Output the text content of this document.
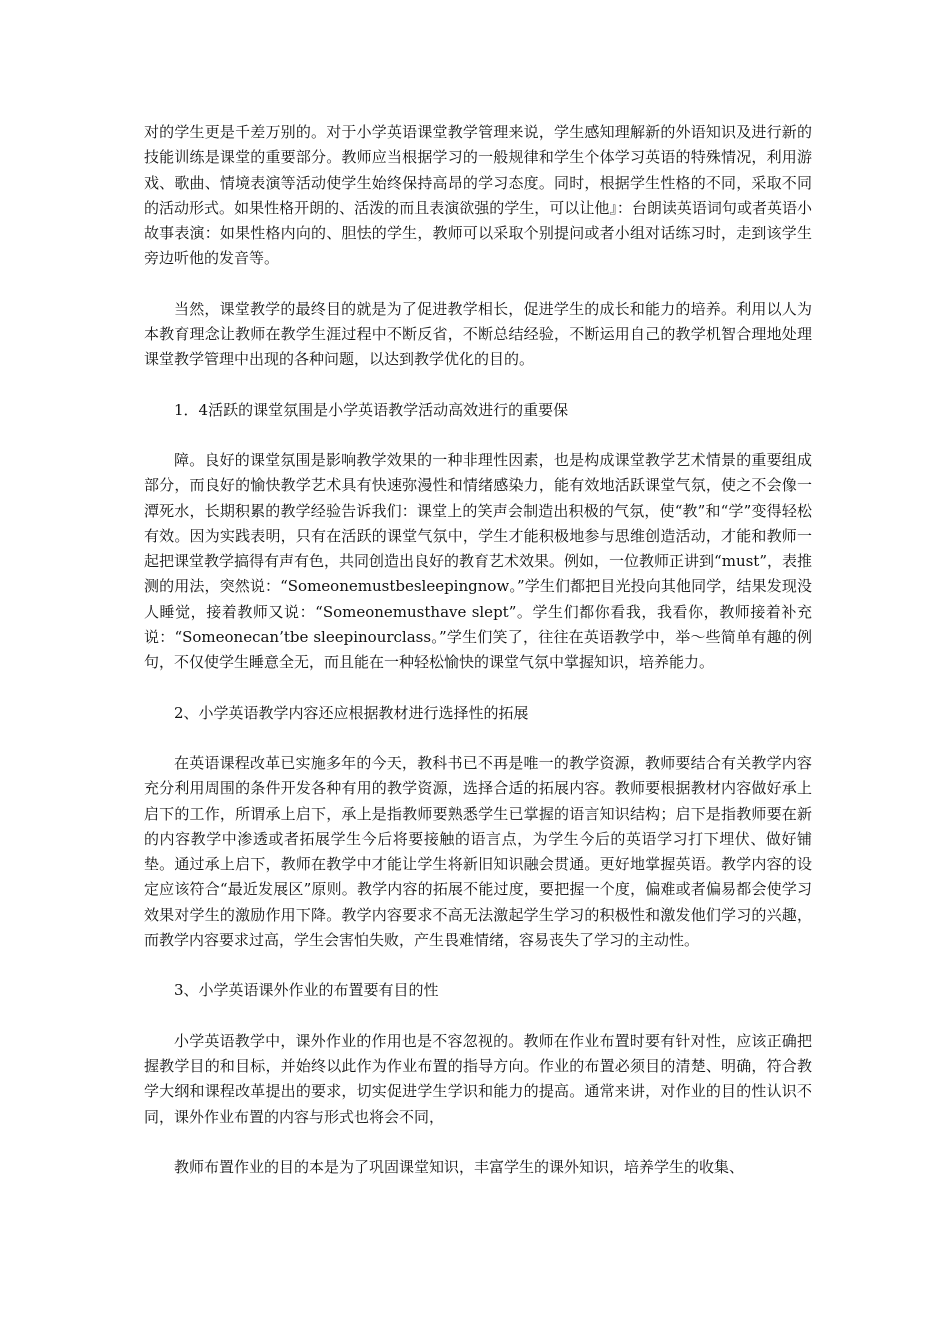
对的学生更是千差万别的。对于小学英语课堂教学管理来说，学生感知理解新的外语知识及进行新的技能训练是课堂的重要部分。教师应当根据学习的一般规律和学生个体学习英语的特殊情况，利用游戏、歌曲、情境表演等活动使学生始终保持高昂的学习态度。同时，根据学生性格的不同，采取不同的活动形式。如果性格开朗的、活泼的而且表演欲强的学生，可以让他』：台朗读英语词句或者英语小故事表演：如果性格内向的、胆怯的学生，教师可以采取个别提问或者小组对话练习时，走到该学生旁边听他的发音等。

当然，课堂教学的最终目的就是为了促进教学相长，促进学生的成长和能力的培养。利用以人为本教育理念让教师在教学生涯过程中不断反省，不断总结经验，不断运用自己的教学机智合理地处理课堂教学管理中出现的各种问题，以达到教学优化的目的。

1．4活跃的课堂氛围是小学英语教学活动高效进行的重要保

障。良好的课堂氛围是影响教学效果的一种非理性因素，也是构成课堂教学艺术情景的重要组成部分，而良好的愉快教学艺术具有快速弥漫性和情绪感染力，能有效地活跃课堂气氛，使之不会像一潭死水，长期积累的教学经验告诉我们：课堂上的笑声会制造出积极的气氛，使“教”和“学”变得轻松有效。因为实践表明，只有在活跃的课堂气氛中，学生才能积极地参与思维创造活动，才能和教师一起把课堂教学搞得有声有色，共同创造出良好的教育艺术效果。例如，一位教师正讲到“must”，表推测的用法，突然说：“Someonemustbesleepingnow。”学生们都把目光投向其他同学，结果发现没人睡觉，接着教师又说：“Someonemusthave slept”。学生们都你看我，我看你，教师接着补充说：“Someonecan’tbe sleepinourclass。”学生们笑了，往往在英语教学中，举～些简单有趣的例句，不仅使学生睡意全无，而且能在一种轻松愉快的课堂气氛中掌握知识，培养能力。

2、小学英语教学内容还应根据教材进行选择性的拓展

在英语课程改革已实施多年的今天，教科书已不再是唯一的教学资源，教师要结合有关教学内容充分利用周围的条件开发各种有用的教学资源，选择合适的拓展内容。教师要根据教材内容做好承上启下的工作，所谓承上启下，承上是指教师要熟悉学生已掌握的语言知识结构；启下是指教师要在新的内容教学中渗透或者拓展学生今后将要接触的语言点，为学生今后的英语学习打下埋伏、做好铺垫。通过承上启下，教师在教学中才能让学生将新旧知识融会贯通。更好地掌握英语。教学内容的设定应该符合“最近发展区”原则。教学内容的拓展不能过度，要把握一个度，偏难或者偏易都会使学习效果对学生的激励作用下降。教学内容要求不高无法激起学生学习的积极性和激发他们学习的兴趣，而教学内容要求过高，学生会害怕失败，产生畏难情绪，容易丧失了学习的主动性。

3、小学英语课外作业的布置要有目的性

小学英语教学中，课外作业的作用也是不容忽视的。教师在作业布置时要有针对性，应该正确把握教学目的和目标，并始终以此作为作业布置的指导方向。作业的布置必须目的清楚、明确，符合教学大纲和课程改革提出的要求，切实促进学生学识和能力的提高。通常来讲，对作业的目的性认识不同，课外作业布置的内容与形式也将会不同，

教师布置作业的目的本是为了巩固课堂知识，丰富学生的课外知识，培养学生的收集、
